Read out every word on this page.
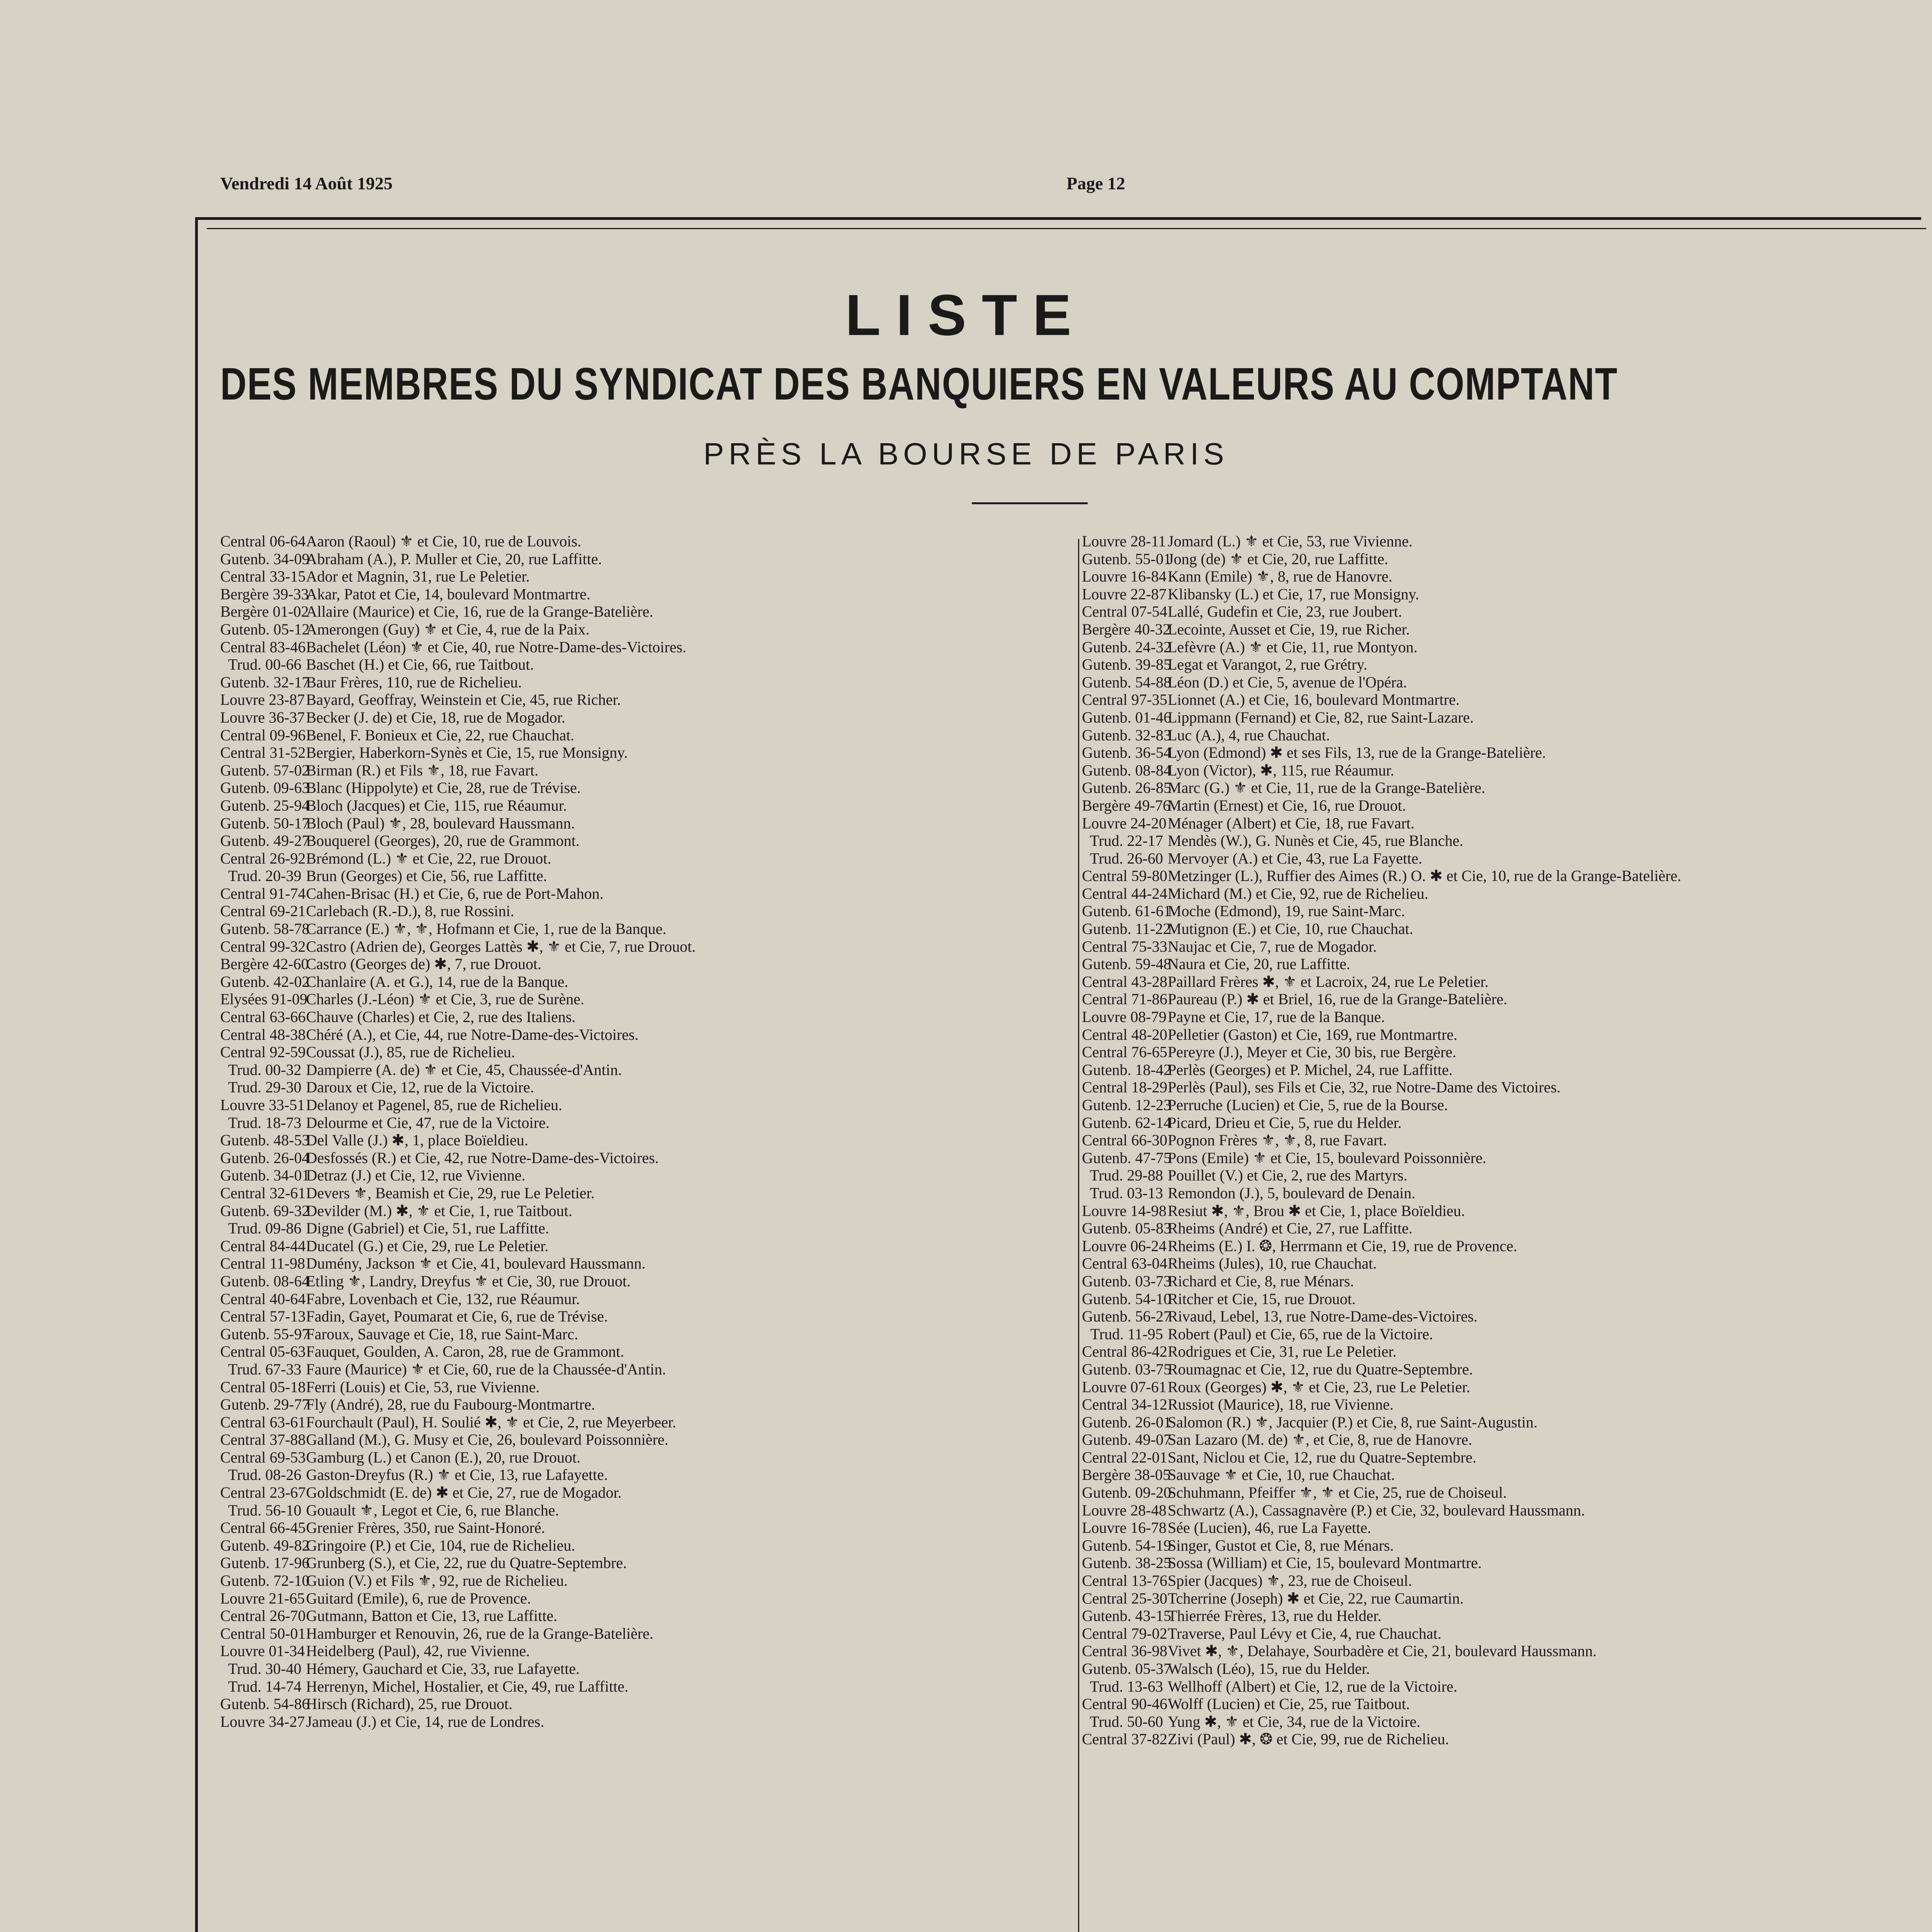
Vendredi 14 Août 1925	Page 12
LISTE
DES MEMBRES DU SYNDICAT DES BANQUIERS EN VALEURS AU COMPTANT
PRÈS LA BOURSE DE PARIS
Central 06-64 Aaron (Raoul) ⚜ et Cie, 10, rue de Louvois.
Gutenb. 34-09
Abraham (A.), P. Muller et Cie, 20, rue Laffitte.
Central 33-15 Ador et Magnin, 31, rue Le Peletier.
Bergère 39-33
Akar, Patot et Cie, 14, boulevard Montmartre.
Bergère 01-02
Allaire (Maurice) et Cie, 16, rue de la Grange-Batelière.
Gutenb. 05-12
Amerongen (Guy) ⚜ et Cie, 4, rue de la Paix.
Central 83-46 Bachelet (Léon) ⚜ et Cie, 40, rue Notre-Dame-des-Victoires.
Trud. 00-66 Baschet (H.) et Cie, 66, rue Taitbout.
Gutenb. 32-17
Baur Frères, 110, rue de Richelieu.
Louvre 23-87 Bayard, Geoffray, Weinstein et Cie, 45, rue Richer.
Louvre 36-37 Becker (J. de) et Cie, 18, rue de Mogador.
Central 09-96 Benel, F. Bonieux et Cie, 22, rue Chauchat.
Central 31-52 Bergier, Haberkorn-Synès et Cie, 15, rue Monsigny.
Gutenb. 57-02
Birman (R.) et Fils ⚜, 18, rue Favart.
Gutenb. 09-63
Blanc (Hippolyte) et Cie, 28, rue de Trévise.
Gutenb. 25-94
Bloch (Jacques) et Cie, 115, rue Réaumur.
Gutenb. 50-17
Bloch (Paul) ⚜, 28, boulevard Haussmann.
Gutenb. 49-27
Bouquerel (Georges), 20, rue de Grammont.
Central 26-92 Brémond (L.) ⚜ et Cie, 22, rue Drouot.
Trud. 20-39 Brun (Georges) et Cie, 56, rue Laffitte.
Central 91-74 Cahen-Brisac (H.) et Cie, 6, rue de Port-Mahon.
Central 69-21 Carlebach (R.-D.), 8, rue Rossini.
Gutenb. 58-78
Carrance (E.) ⚜, ⚜, Hofmann et Cie, 1, rue de la Banque.
Central 99-32 Castro (Adrien de), Georges Lattès ✱, ⚜ et Cie, 7, rue Drouot.
Bergère 42-60
Castro (Georges de) ✱, 7, rue Drouot.
Gutenb. 42-02
Chanlaire (A. et G.), 14, rue de la Banque.
Elysées 91-09
Charles (J.-Léon) ⚜ et Cie, 3, rue de Surène.
Central 63-66 Chauve (Charles) et Cie, 2, rue des Italiens.
Central 48-38 Chéré (A.), et Cie, 44, rue Notre-Dame-des-Victoires.
Central 92-59 Coussat (J.), 85, rue de Richelieu.
Trud. 00-32 Dampierre (A. de) ⚜ et Cie, 45, Chaussée-d'Antin.
Trud. 29-30 Daroux et Cie, 12, rue de la Victoire.
Louvre 33-51 Delanoy et Pagenel, 85, rue de Richelieu.
Trud. 18-73 Delourme et Cie, 47, rue de la Victoire.
Gutenb. 48-53
Del Valle (J.) ✱, 1, place Boïeldieu.
Gutenb. 26-04
Desfossés (R.) et Cie, 42, rue Notre-Dame-des-Victoires.
Gutenb. 34-01
Detraz (J.) et Cie, 12, rue Vivienne.
Central 32-61 Devers ⚜, Beamish et Cie, 29, rue Le Peletier.
Gutenb. 69-32
Devilder (M.) ✱, ⚜ et Cie, 1, rue Taitbout.
Trud. 09-86 Digne (Gabriel) et Cie, 51, rue Laffitte.
Central 84-44 Ducatel (G.) et Cie, 29, rue Le Peletier.
Central 11-98 Dumény, Jackson ⚜ et Cie, 41, boulevard Haussmann.
Gutenb. 08-64
Etling ⚜, Landry, Dreyfus ⚜ et Cie, 30, rue Drouot.
Central 40-64 Fabre, Lovenbach et Cie, 132, rue Réaumur.
Central 57-13 Fadin, Gayet, Poumarat et Cie, 6, rue de Trévise.
Gutenb. 55-97
Faroux, Sauvage et Cie, 18, rue Saint-Marc.
Central 05-63 Fauquet, Goulden, A. Caron, 28, rue de Grammont.
Trud. 67-33 Faure (Maurice) ⚜ et Cie, 60, rue de la Chaussée-d'Antin.
Central 05-18 Ferri (Louis) et Cie, 53, rue Vivienne.
Gutenb. 29-77
Fly (André), 28, rue du Faubourg-Montmartre.
Central 63-61 Fourchault (Paul), H. Soulié ✱, ⚜ et Cie, 2, rue Meyerbeer.
Central 37-88 Galland (M.), G. Musy et Cie, 26, boulevard Poissonnière.
Central 69-53 Gamburg (L.) et Canon (E.), 20, rue Drouot.
Trud. 08-26 Gaston-Dreyfus (R.) ⚜ et Cie, 13, rue Lafayette.
Central 23-67 Goldschmidt (E. de) ✱ et Cie, 27, rue de Mogador.
Trud. 56-10 Gouault ⚜, Legot et Cie, 6, rue Blanche.
Central 66-45 Grenier Frères, 350, rue Saint-Honoré.
Gutenb. 49-82
Gringoire (P.) et Cie, 104, rue de Richelieu.
Gutenb. 17-96
Grunberg (S.), et Cie, 22, rue du Quatre-Septembre.
Gutenb. 72-10
Guion (V.) et Fils ⚜, 92, rue de Richelieu.
Louvre 21-65 Guitard (Emile), 6, rue de Provence.
Central 26-70 Gutmann, Batton et Cie, 13, rue Laffitte.
Central 50-01 Hamburger et Renouvin, 26, rue de la Grange-Batelière.
Louvre 01-34 Heidelberg (Paul), 42, rue Vivienne.
Trud. 30-40 Hémery, Gauchard et Cie, 33, rue Lafayette.
Trud. 14-74 Herrenyn, Michel, Hostalier, et Cie, 49, rue Laffitte.
Gutenb. 54-86
Hirsch (Richard), 25, rue Drouot.
Louvre 34-27 Jameau (J.) et Cie, 14, rue de Londres.
Louvre 28-11 Jomard (L.) ⚜ et Cie, 53, rue Vivienne.
Gutenb. 55-01
Jong (de) ⚜ et Cie, 20, rue Laffitte.
Louvre 16-84 Kann (Emile) ⚜, 8, rue de Hanovre.
Louvre 22-87 Klibansky (L.) et Cie, 17, rue Monsigny.
Central 07-54 Lallé, Gudefin et Cie, 23, rue Joubert.
Bergère 40-32
Lecointe, Ausset et Cie, 19, rue Richer.
Gutenb. 24-32
Lefèvre (A.) ⚜ et Cie, 11, rue Montyon.
Gutenb. 39-85
Legat et Varangot, 2, rue Grétry.
Gutenb. 54-88
Léon (D.) et Cie, 5, avenue de l'Opéra.
Central 97-35 Lionnet (A.) et Cie, 16, boulevard Montmartre.
Gutenb. 01-46
Lippmann (Fernand) et Cie, 82, rue Saint-Lazare.
Gutenb. 32-83
Luc (A.), 4, rue Chauchat.
Gutenb. 36-54
Lyon (Edmond) ✱ et ses Fils, 13, rue de la Grange-Batelière.
Gutenb. 08-84
Lyon (Victor), ✱, 115, rue Réaumur.
Gutenb. 26-85
Marc (G.) ⚜ et Cie, 11, rue de la Grange-Batelière.
Bergère 49-76
Martin (Ernest) et Cie, 16, rue Drouot.
Louvre 24-20 Ménager (Albert) et Cie, 18, rue Favart.
Trud. 22-17 Mendès (W.), G. Nunès et Cie, 45, rue Blanche.
Trud. 26-60 Mervoyer (A.) et Cie, 43, rue La Fayette.
Central 59-80 Metzinger (L.), Ruffier des Aimes (R.) O. ✱ et Cie, 10, rue de la Grange-Batelière.
Central 44-24 Michard (M.) et Cie, 92, rue de Richelieu.
Gutenb. 61-61
Moche (Edmond), 19, rue Saint-Marc.
Gutenb. 11-22
Mutignon (E.) et Cie, 10, rue Chauchat.
Central 75-33 Naujac et Cie, 7, rue de Mogador.
Gutenb. 59-48
Naura et Cie, 20, rue Laffitte.
Central 43-28 Paillard Frères ✱, ⚜ et Lacroix, 24, rue Le Peletier.
Central 71-86 Paureau (P.) ✱ et Briel, 16, rue de la Grange-Batelière.
Louvre 08-79 Payne et Cie, 17, rue de la Banque.
Central 48-20 Pelletier (Gaston) et Cie, 169, rue Montmartre.
Central 76-65 Pereyre (J.), Meyer et Cie, 30 bis, rue Bergère.
Gutenb. 18-42
Perlès (Georges) et P. Michel, 24, rue Laffitte.
Central 18-29 Perlès (Paul), ses Fils et Cie, 32, rue Notre-Dame des Victoires.
Gutenb. 12-23
Perruche (Lucien) et Cie, 5, rue de la Bourse.
Gutenb. 62-14
Picard, Drieu et Cie, 5, rue du Helder.
Central 66-30 Pognon Frères ⚜, ⚜, 8, rue Favart.
Gutenb. 47-75
Pons (Emile) ⚜ et Cie, 15, boulevard Poissonnière.
Trud. 29-88 Pouillet (V.) et Cie, 2, rue des Martyrs.
Trud. 03-13 Remondon (J.), 5, boulevard de Denain.
Louvre 14-98 Resiut ✱, ⚜, Brou ✱ et Cie, 1, place Boïeldieu.
Gutenb. 05-83
Rheims (André) et Cie, 27, rue Laffitte.
Louvre 06-24 Rheims (E.) I. ❂, Herrmann et Cie, 19, rue de Provence.
Central 63-04 Rheims (Jules), 10, rue Chauchat.
Gutenb. 03-73
Richard et Cie, 8, rue Ménars.
Gutenb. 54-10
Ritcher et Cie, 15, rue Drouot.
Gutenb. 56-27
Rivaud, Lebel, 13, rue Notre-Dame-des-Victoires.
Trud. 11-95 Robert (Paul) et Cie, 65, rue de la Victoire.
Central 86-42 Rodrigues et Cie, 31, rue Le Peletier.
Gutenb. 03-75
Roumagnac et Cie, 12, rue du Quatre-Septembre.
Louvre 07-61 Roux (Georges) ✱, ⚜ et Cie, 23, rue Le Peletier.
Central 34-12 Russiot (Maurice), 18, rue Vivienne.
Gutenb. 26-01
Salomon (R.) ⚜, Jacquier (P.) et Cie, 8, rue Saint-Augustin.
Gutenb. 49-07
San Lazaro (M. de) ⚜, et Cie, 8, rue de Hanovre.
Central 22-01 Sant, Niclou et Cie, 12, rue du Quatre-Septembre.
Bergère 38-05
Sauvage ⚜ et Cie, 10, rue Chauchat.
Gutenb. 09-20
Schuhmann, Pfeiffer ⚜, ⚜ et Cie, 25, rue de Choiseul.
Louvre 28-48 Schwartz (A.), Cassagnavère (P.) et Cie, 32, boulevard Haussmann.
Louvre 16-78 Sée (Lucien), 46, rue La Fayette.
Gutenb. 54-19
Singer, Gustot et Cie, 8, rue Ménars.
Gutenb. 38-25
Sossa (William) et Cie, 15, boulevard Montmartre.
Central 13-76 Spier (Jacques) ⚜, 23, rue de Choiseul.
Central 25-30 Tcherrine (Joseph) ✱ et Cie, 22, rue Caumartin.
Gutenb. 43-15
Thierrée Frères, 13, rue du Helder.
Central 79-02 Traverse, Paul Lévy et Cie, 4, rue Chauchat.
Central 36-98 Vivet ✱, ⚜, Delahaye, Sourbadère et Cie, 21, boulevard Haussmann.
Gutenb. 05-37
Walsch (Léo), 15, rue du Helder.
Trud. 13-63 Wellhoff (Albert) et Cie, 12, rue de la Victoire.
Central 90-46 Wolff (Lucien) et Cie, 25, rue Taitbout.
Trud. 50-60 Yung ✱, ⚜ et Cie, 34, rue de la Victoire.
Central 37-82 Zivi (Paul) ✱, ❂ et Cie, 99, rue de Richelieu.
